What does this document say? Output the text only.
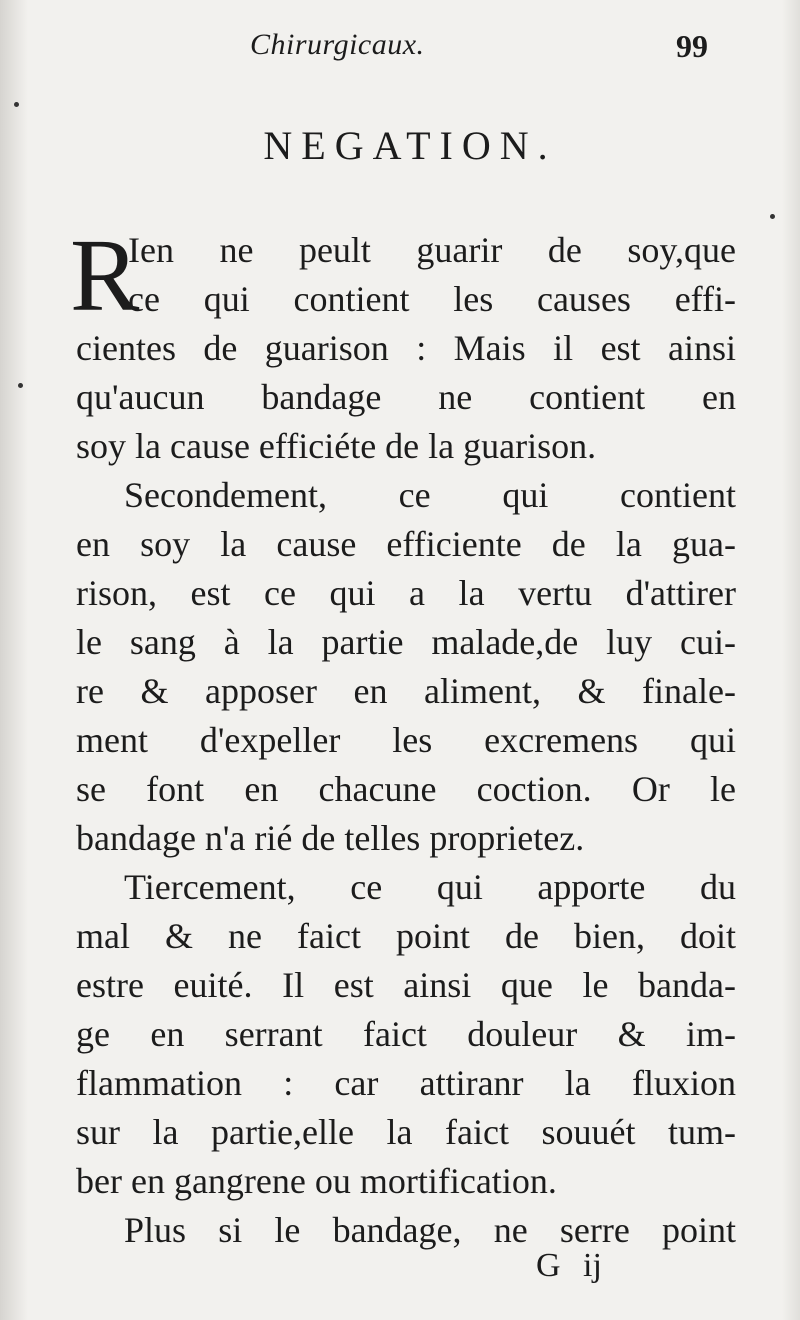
Chirurgicaux.	99
NEGATION.
R
Ien ne peult guarir de soy,que
ce qui contient les causes effi-
cientes de guarison : Mais il est ainsi
qu'aucun bandage ne contient en
soy la cause efficiéte de la guarison.
Secondement, ce qui contient
en soy la cause efficiente de la gua-
rison, est ce qui a la vertu d'attirer
le sang à la partie malade,de luy cui-
re & apposer en aliment, & finale-
ment d'expeller les excremens qui
se font en chacune coction. Or le
bandage n'a rié de telles proprietez.
Tiercement, ce qui apporte du
mal & ne faict point de bien, doit
estre euité. Il est ainsi que le banda-
ge en serrant faict douleur & im-
flammation : car attiranr la fluxion
sur la partie,elle la faict souuét tum-
ber en gangrene ou mortification.
Plus si le bandage, ne serre point
G ij
